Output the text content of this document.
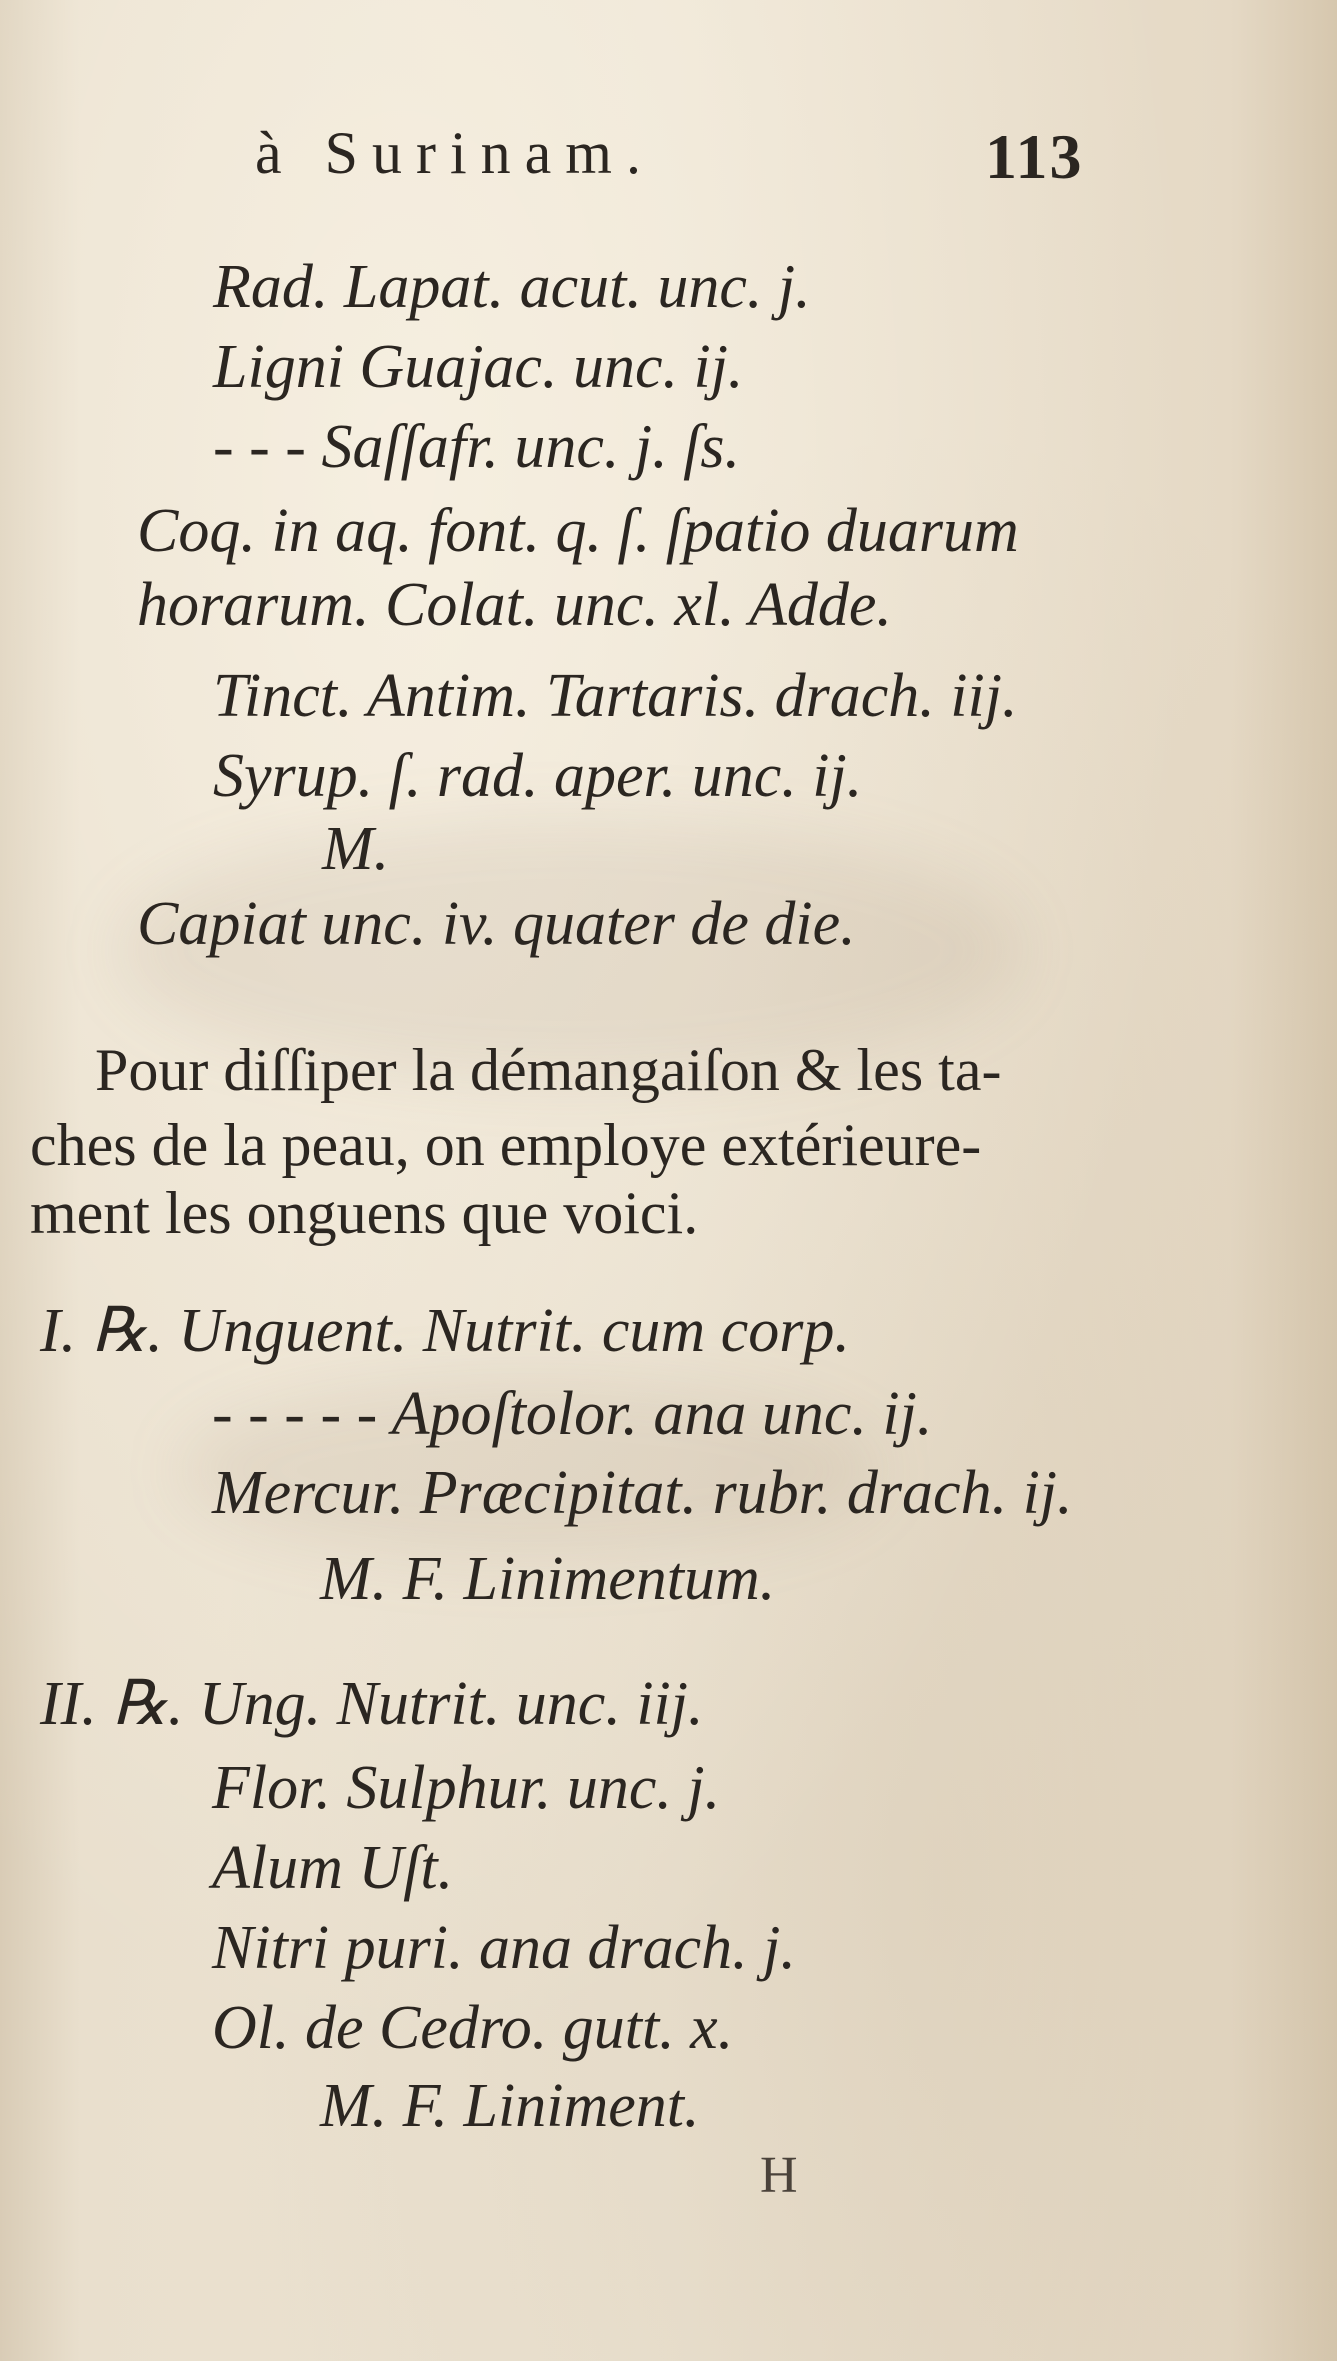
à Surinam.	113
Rad. Lapat. acut. unc. j.
Ligni Guajac. unc. ij.
- - - Saſſafr. unc. j. ſs.
Coq. in aq. font. q. ſ. ſpatio duarum
horarum. Colat. unc. xl. Adde.
Tinct. Antim. Tartaris. drach. iij.
Syrup. ſ. rad. aper. unc. ij.
M.
Capiat unc. iv. quater de die.
Pour diſſiper la démangaiſon & les ta-
ches de la peau, on employe extérieure-
ment les onguens que voici.
I. ℞. Unguent. Nutrit. cum corp.
- - - - - Apoſtolor. ana unc. ij.
Mercur. Præcipitat. rubr. drach. ij.
M. F. Linimentum.
II. ℞. Ung. Nutrit. unc. iij.
Flor. Sulphur. unc. j.
Alum Uſt.
Nitri puri. ana drach. j.
Ol. de Cedro. gutt. x.
M. F. Liniment.
H
